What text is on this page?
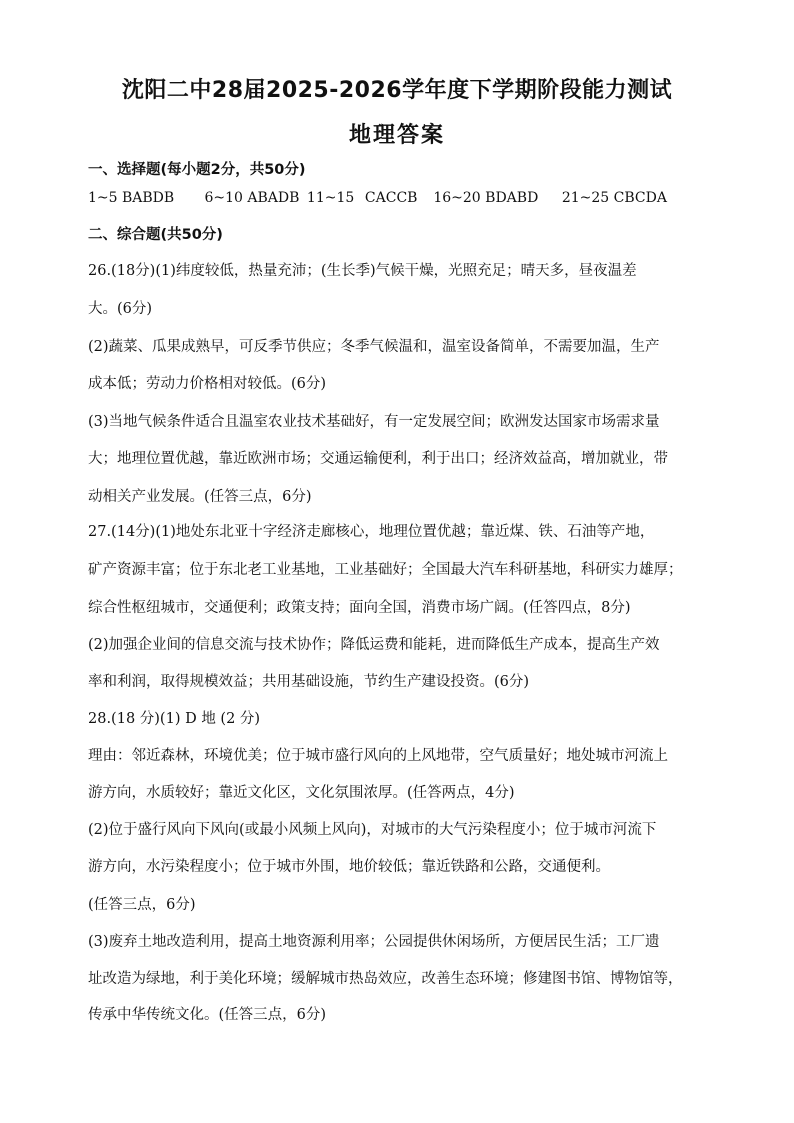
沈阳二中28届2025-2026学年度下学期阶段能力测试
地理答案
一、选择题(每小题2分，共50分)
1~5 BABDB 6~10 ABADB 11~15 CACCB 16~20 BDABD 21~25 CBCDA
二、综合题(共50分)
26.(18分)(1)纬度较低，热量充沛；(生长季)气候干燥，光照充足；晴天多，昼夜温差
大。(6分)
(2)蔬菜、瓜果成熟早，可反季节供应；冬季气候温和，温室设备简单，不需要加温，生产
成本低；劳动力价格相对较低。(6分)
(3)当地气候条件适合且温室农业技术基础好，有一定发展空间；欧洲发达国家市场需求量
大；地理位置优越，靠近欧洲市场；交通运输便利，利于出口；经济效益高，增加就业，带
动相关产业发展。(任答三点，6分)
27.(14分)(1)地处东北亚十字经济走廊核心，地理位置优越；靠近煤、铁、石油等产地，
矿产资源丰富；位于东北老工业基地，工业基础好；全国最大汽车科研基地，科研实力雄厚；
综合性枢纽城市，交通便利；政策支持；面向全国，消费市场广阔。(任答四点，8分)
(2)加强企业间的信息交流与技术协作；降低运费和能耗，进而降低生产成本，提高生产效
率和利润，取得规模效益；共用基础设施，节约生产建设投资。(6分)
28.(18 分)(1) D 地 (2 分)
理由：邻近森林，环境优美；位于城市盛行风向的上风地带，空气质量好；地处城市河流上
游方向，水质较好；靠近文化区，文化氛围浓厚。(任答两点，4分)
(2)位于盛行风向下风向(或最小风频上风向)，对城市的大气污染程度小；位于城市河流下
游方向，水污染程度小；位于城市外围，地价较低；靠近铁路和公路，交通便利。
(任答三点，6分)
(3)废弃土地改造利用，提高土地资源利用率；公园提供休闲场所，方便居民生活；工厂遗
址改造为绿地，利于美化环境；缓解城市热岛效应，改善生态环境；修建图书馆、博物馆等，
传承中华传统文化。(任答三点，6分)
